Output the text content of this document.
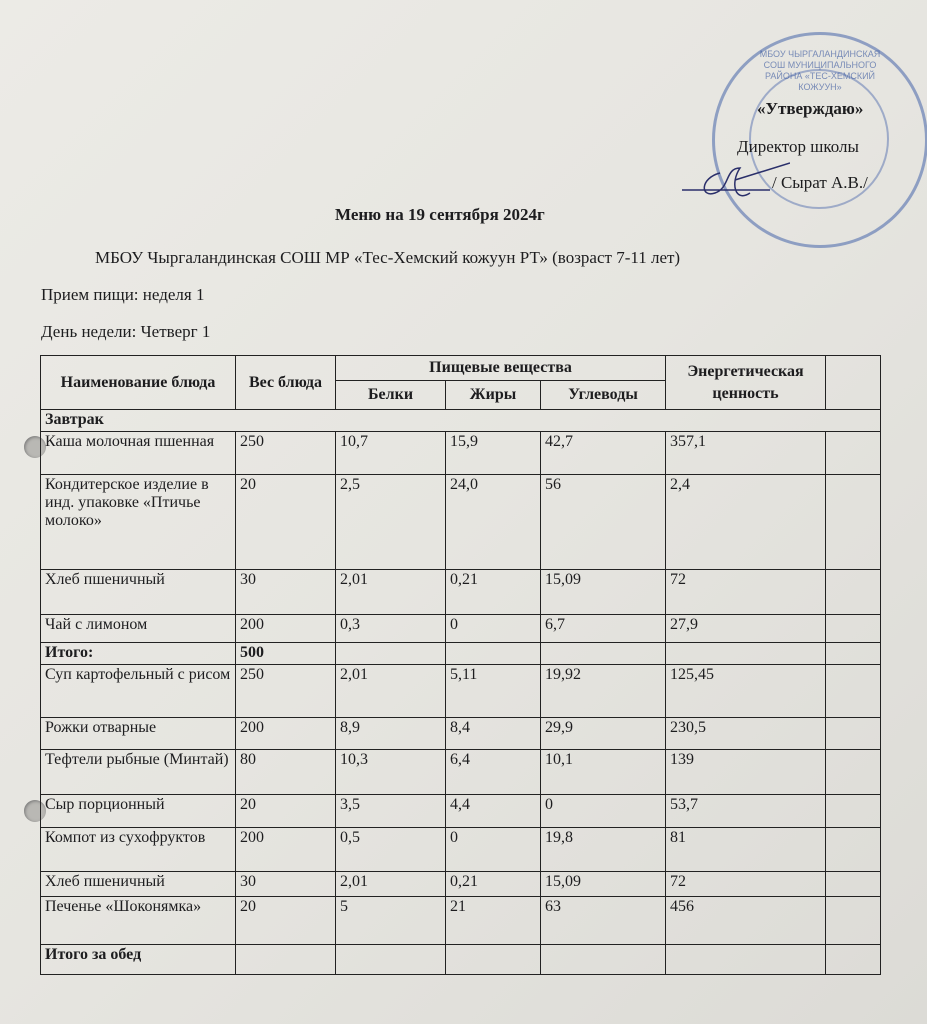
МБОУ ЧЫРГАЛАНДИНСКАЯ СОШ МУНИЦИПАЛЬНОГО РАЙОНА «ТЕС-ХЕМСКИЙ КОЖУУН»
«Утверждаю»
Директор школы
/ Сырат А.В./
Меню на 19 сентября 2024г
МБОУ Чыргаландинская СОШ МР «Тес-Хемский кожуун РТ» (возраст 7-11 лет)
Прием пищи: неделя 1
День недели: Четверг 1
Наименование блюда	Вес блюда	Пищевые вещества			Энергетическая ценность	
		Белки	Жиры	Углеводы		
Завтрак						
Каша молочная пшенная	250	10,7	15,9	42,7	357,1	
Кондитерское изделие в инд. упаковке «Птичье молоко»	20	2,5	24,0	56	2,4	
Хлеб пшеничный	30	2,01	0,21	15,09	72	
Чай с лимоном	200	0,3	0	6,7	27,9	
Итого:	500					
Суп картофельный с рисом	250	2,01	5,11	19,92	125,45	
Рожки отварные	200	8,9	8,4	29,9	230,5	
Тефтели рыбные (Минтай)	80	10,3	6,4	10,1	139	
Сыр порционный	20	3,5	4,4	0	53,7	
Компот из сухофруктов	200	0,5	0	19,8	81	
Хлеб пшеничный	30	2,01	0,21	15,09	72	
Печенье «Шоконямка»	20	5	21	63	456	
Итого за обед						
